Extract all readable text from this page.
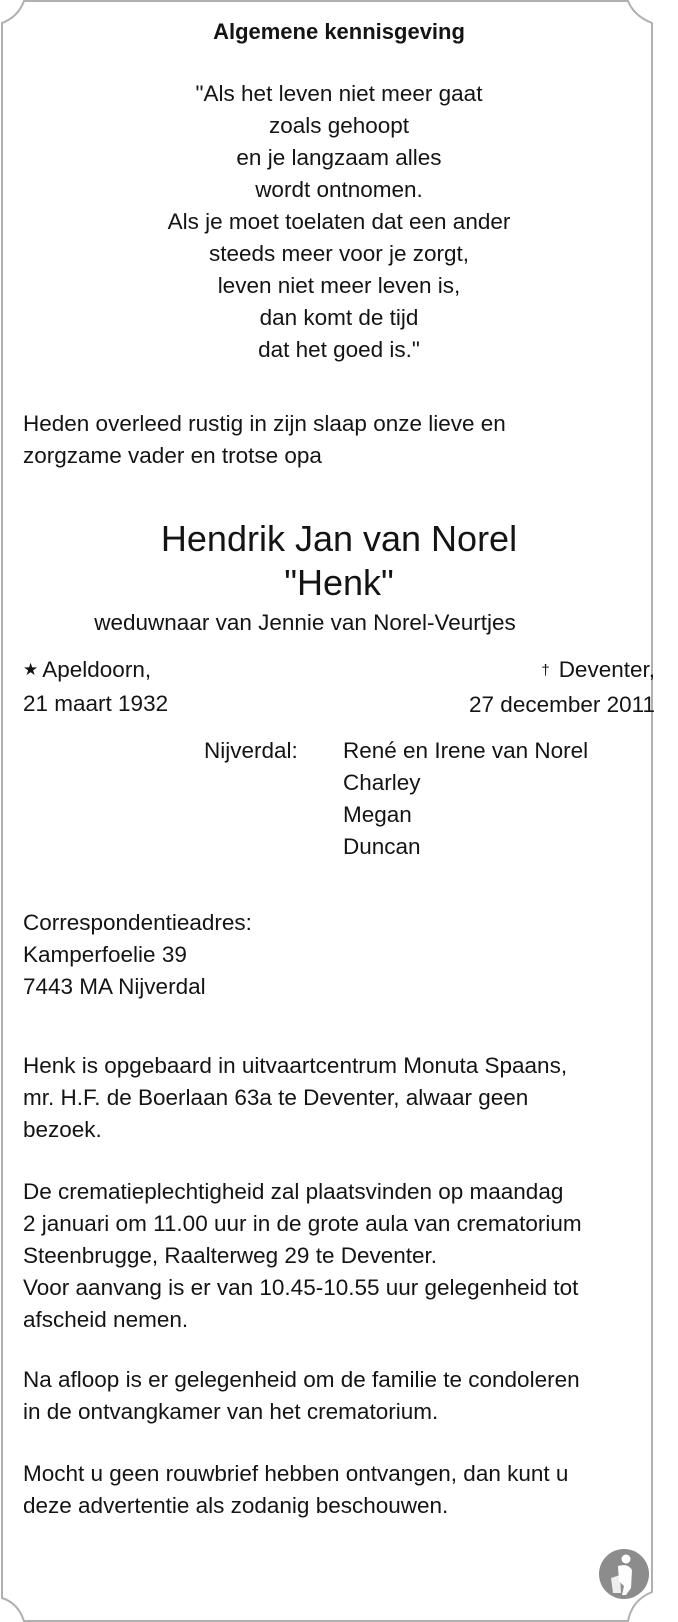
Algemene kennisgeving
"Als het leven niet meer gaat
zoals gehoopt
en je langzaam alles
wordt ontnomen.
Als je moet toelaten dat een ander
steeds meer voor je zorgt,
leven niet meer leven is,
dan komt de tijd
dat het goed is."
Heden overleed rustig in zijn slaap onze lieve en
zorgzame vader en trotse opa
Hendrik Jan van Norel
"Henk"
weduwnaar van Jennie van Norel-Veurtjes
★ Apeldoorn,
21 maart 1932
† Deventer,
27 december 2011
Nijverdal: René en Irene van Norel
Charley
Megan
Duncan
Correspondentieadres:
Kamperfoelie 39
7443 MA Nijverdal
Henk is opgebaard in uitvaartcentrum Monuta Spaans,
mr. H.F. de Boerlaan 63a te Deventer, alwaar geen
bezoek.
De crematieplechtigheid zal plaatsvinden op maandag
2 januari om 11.00 uur in de grote aula van crematorium
Steenbrugge, Raalterweg 29 te Deventer.
Voor aanvang is er van 10.45-10.55 uur gelegenheid tot
afscheid nemen.
Na afloop is er gelegenheid om de familie te condoleren
in de ontvangkamer van het crematorium.
Mocht u geen rouwbrief hebben ontvangen, dan kunt u
deze advertentie als zodanig beschouwen.
